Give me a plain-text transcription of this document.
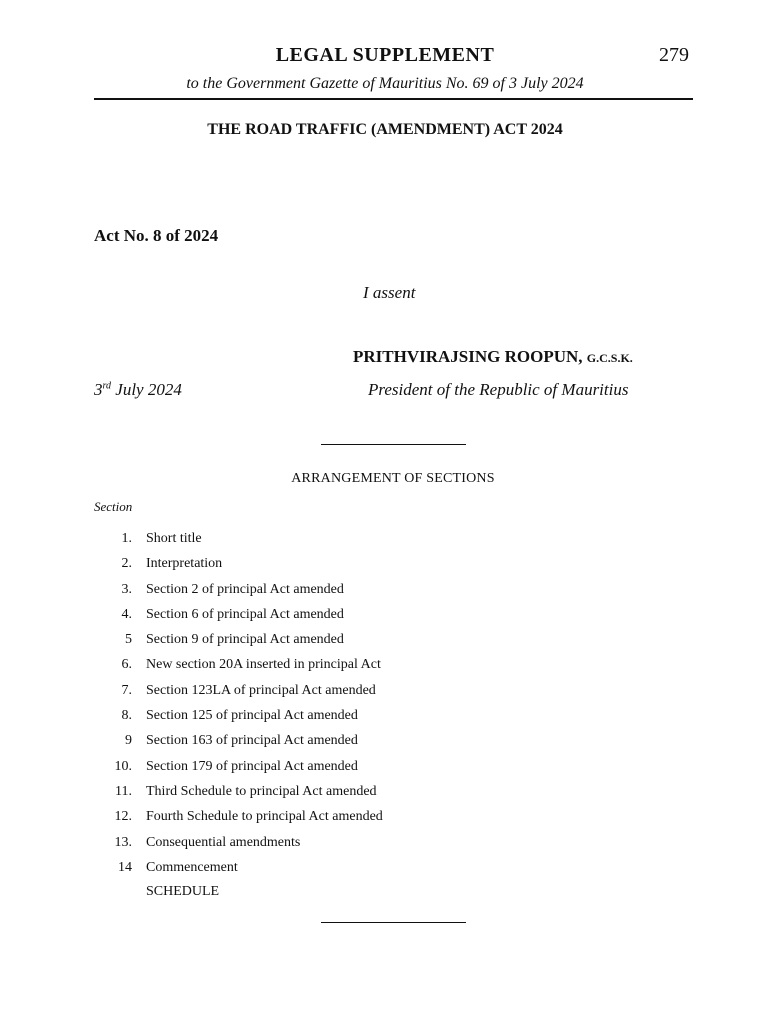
LEGAL SUPPLEMENT	279
to the Government Gazette of Mauritius No. 69 of 3 July 2024
THE ROAD TRAFFIC (AMENDMENT) ACT 2024
Act No. 8 of 2024
I assent
PRITHVIRAJSING ROOPUN, G.C.S.K.
3rd July 2024	President of the Republic of Mauritius
ARRANGEMENT OF SECTIONS
Section
1. Short title
2. Interpretation
3. Section 2 of principal Act amended
4. Section 6 of principal Act amended
5 Section 9 of principal Act amended
6. New section 20A inserted in principal Act
7. Section 123LA of principal Act amended
8. Section 125 of principal Act amended
9 Section 163 of principal Act amended
10. Section 179 of principal Act amended
11. Third Schedule to principal Act amended
12. Fourth Schedule to principal Act amended
13. Consequential amendments
14 Commencement
SCHEDULE
